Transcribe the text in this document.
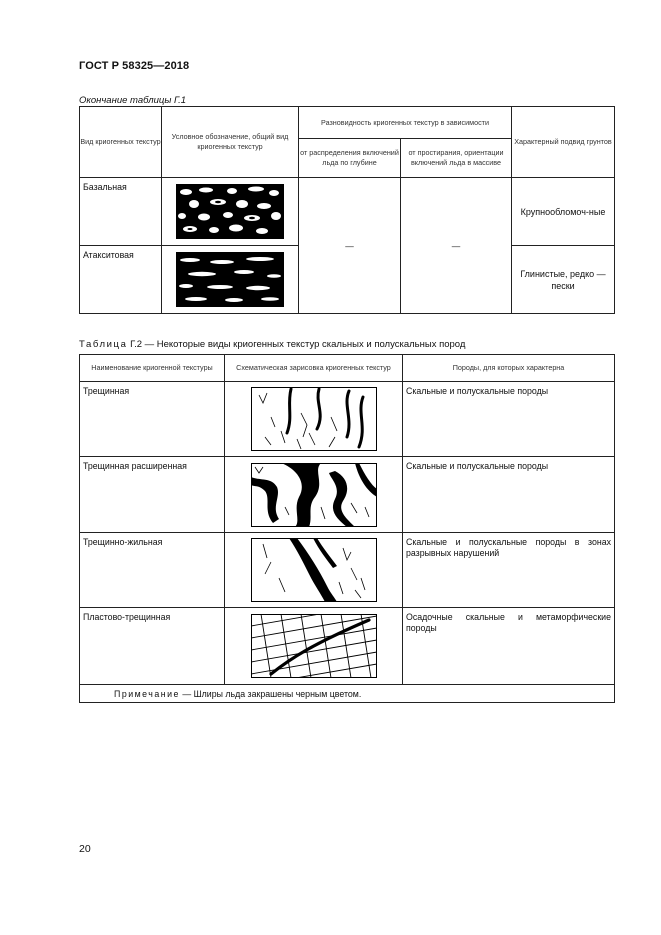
ГОСТ Р 58325—2018
Окончание таблицы Г.1
Вид криогенных текстур	Условное обозначение, общий вид криогенных текстур	Разновидность криогенных текстур в зависимости		Характерный подвид грунтов
		от распределения включений льда по глубине	от простирания, ориентации включений льда в массиве	
Базальная		—	—	Крупнообломоч-ные
Атакситовая				Глинистые, редко — пески
Таблица Г.2 — Некоторые виды криогенных текстур скальных и полускальных пород
Наименование криогенной текстуры	Схематическая зарисовка криогенных текстур	Породы, для которых характерна
Трещинная		Скальные и полускальные породы
Трещинная расширенная		Скальные и полускальные породы
Трещинно-жильная		Скальные и полускальные породы в зонах разрывных нарушений
Пластово-трещинная		Осадочные скальные и метаморфические породы
Примечание — Шлиры льда закрашены черным цветом.		
20
